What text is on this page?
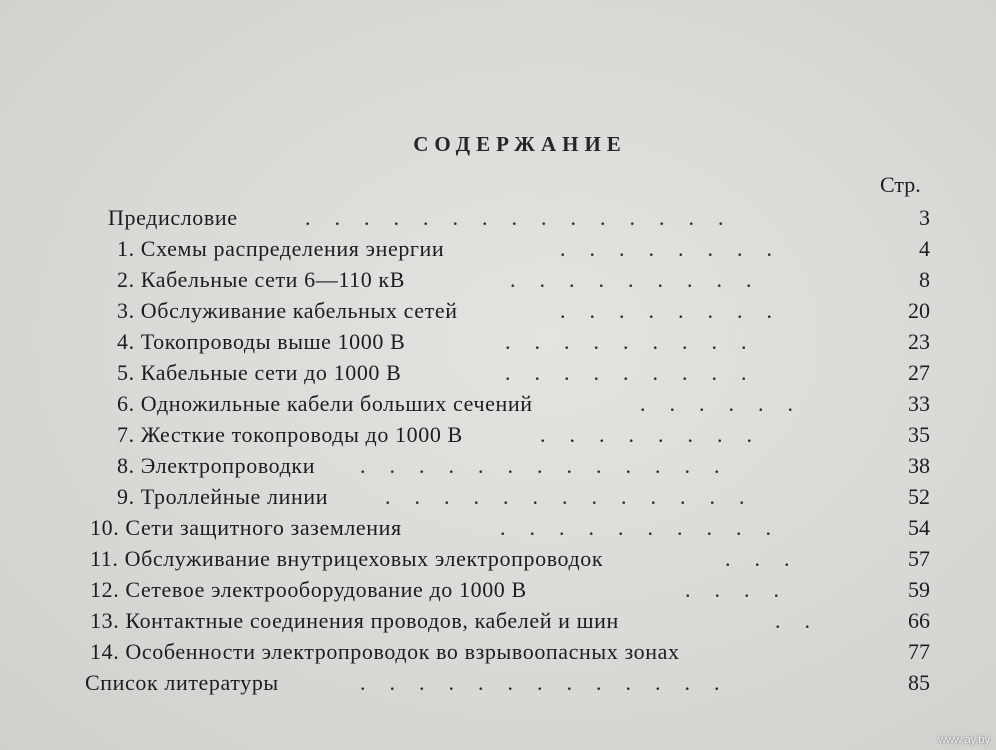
СОДЕРЖАНИЕ
Стр.
Предисловие	...............	3
1. Схемы распределения энергии	........	4
2. Кабельные сети 6—110 кВ	.........	8
3. Обслуживание кабельных сетей	........	20
4. Токопроводы выше 1000 В	.........	23
5. Кабельные сети до 1000 В	.........	27
6. Одножильные кабели больших сечений	......	33
7. Жесткие токопроводы до 1000 В	........	35
8. Электропроводки .............	38
9. Троллейные линии	.............	52
10. Сети защитного заземления	..........	54
11. Обслуживание внутрицеховых электропроводок	...	57
12. Сетевое электрооборудование до 1000 В	....	59
13. Контактные соединения проводов, кабелей и шин	..	66
14. Особенности электропроводок во взрывоопасных зонах	77
Список литературы	.............	85
www.ay.by
